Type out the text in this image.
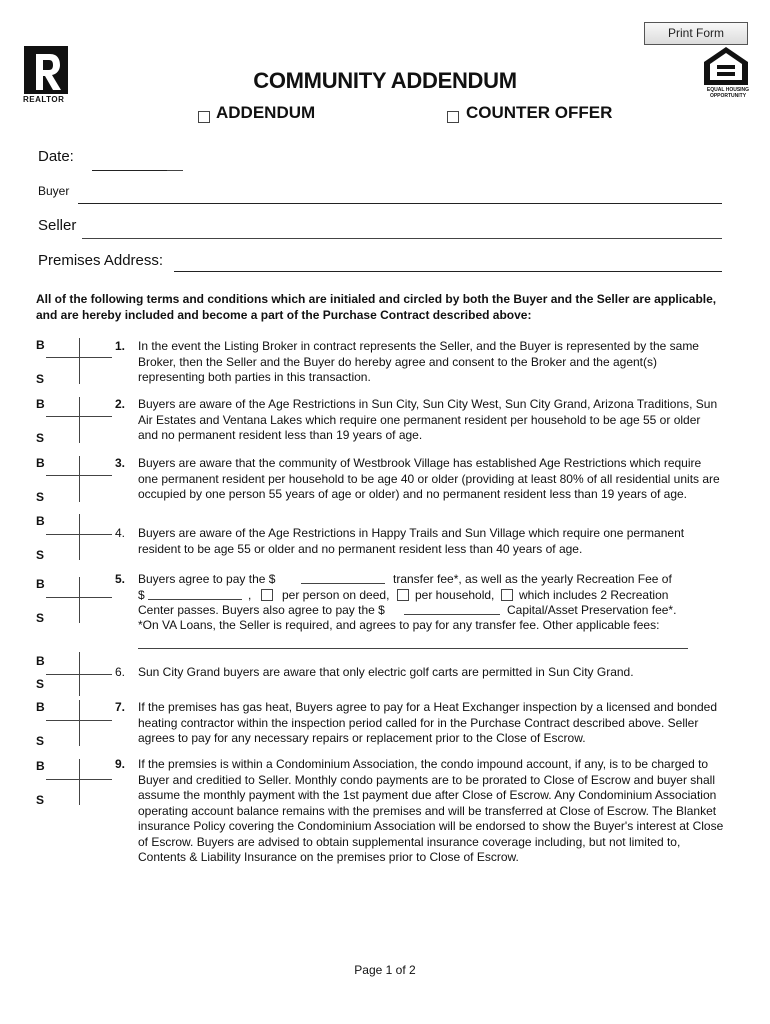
Print Form
REALTOR
EQUAL HOUSING OPPORTUNITY
COMMUNITY ADDENDUM
ADDENDUM	COUNTER OFFER
Date:
Buyer
Seller
Premises Address:
All of the following terms and conditions which are initialed and circled by both the Buyer and the Seller are applicable, and are hereby included and become a part of the Purchase Contract described above:
B
S
B
S
B
S
B
S
B
S
B
S
B
S
B
S
1. In the event the Listing Broker in contract represents the Seller, and the Buyer is represented by the same Broker, then the Seller and the Buyer do hereby agree and consent to the Broker and the agent(s) representing both parties in this transaction.
2. Buyers are aware of the Age Restrictions in Sun City, Sun City West, Sun City Grand, Arizona Traditions, Sun Air Estates and Ventana Lakes which require one permanent resident per household to be age 55 or older and no permanent resident less than 19 years of age.
3. Buyers are aware that the community of Westbrook Village has established Age Restrictions which require one permanent resident per household to be age 40 or older (providing at least 80% of all residential units are occupied by one person 55 years of age or older) and no permanent resident less than 19 years of age.
4. Buyers are aware of the Age Restrictions in Happy Trails and Sun Village which require one permanent resident to be age 55 or older and no permanent resident less than 40 years of age.
5. Buyers agree to pay the $	transfer fee*, as well as the yearly Recreation Fee of
$	,	per person on deed, per household, which includes 2 Recreation
Center passes. Buyers also agree to pay the $	Capital/Asset Preservation fee*.
*On VA Loans, the Seller is required, and agrees to pay for any transfer fee. Other applicable fees:
6. Sun City Grand buyers are aware that only electric golf carts are permitted in Sun City Grand.
7. If the premises has gas heat, Buyers agree to pay for a Heat Exchanger inspection by a licensed and bonded heating contractor within the inspection period called for in the Purchase Contract described above. Seller agrees to pay for any necessary repairs or replacement prior to the Close of Escrow.
9. If the premsies is within a Condominium Association, the condo impound account, if any, is to be charged to Buyer and creditied to Seller. Monthly condo payments are to be prorated to Close of Escrow and buyer shall assume the monthly payment with the 1st payment due after Close of Escrow. Any Condominium Association operating account balance remains with the premises and will be transferred at Close of Escrow. The Blanket insurance Policy covering the Condominium Association will be endorsed to show the Buyer's interest at Close of Escrow. Buyers are advised to obtain supplemental insurance coverage including, but not limited to, Contents & Liability Insurance on the premises prior to Close of Escrow.
Page 1 of 2
